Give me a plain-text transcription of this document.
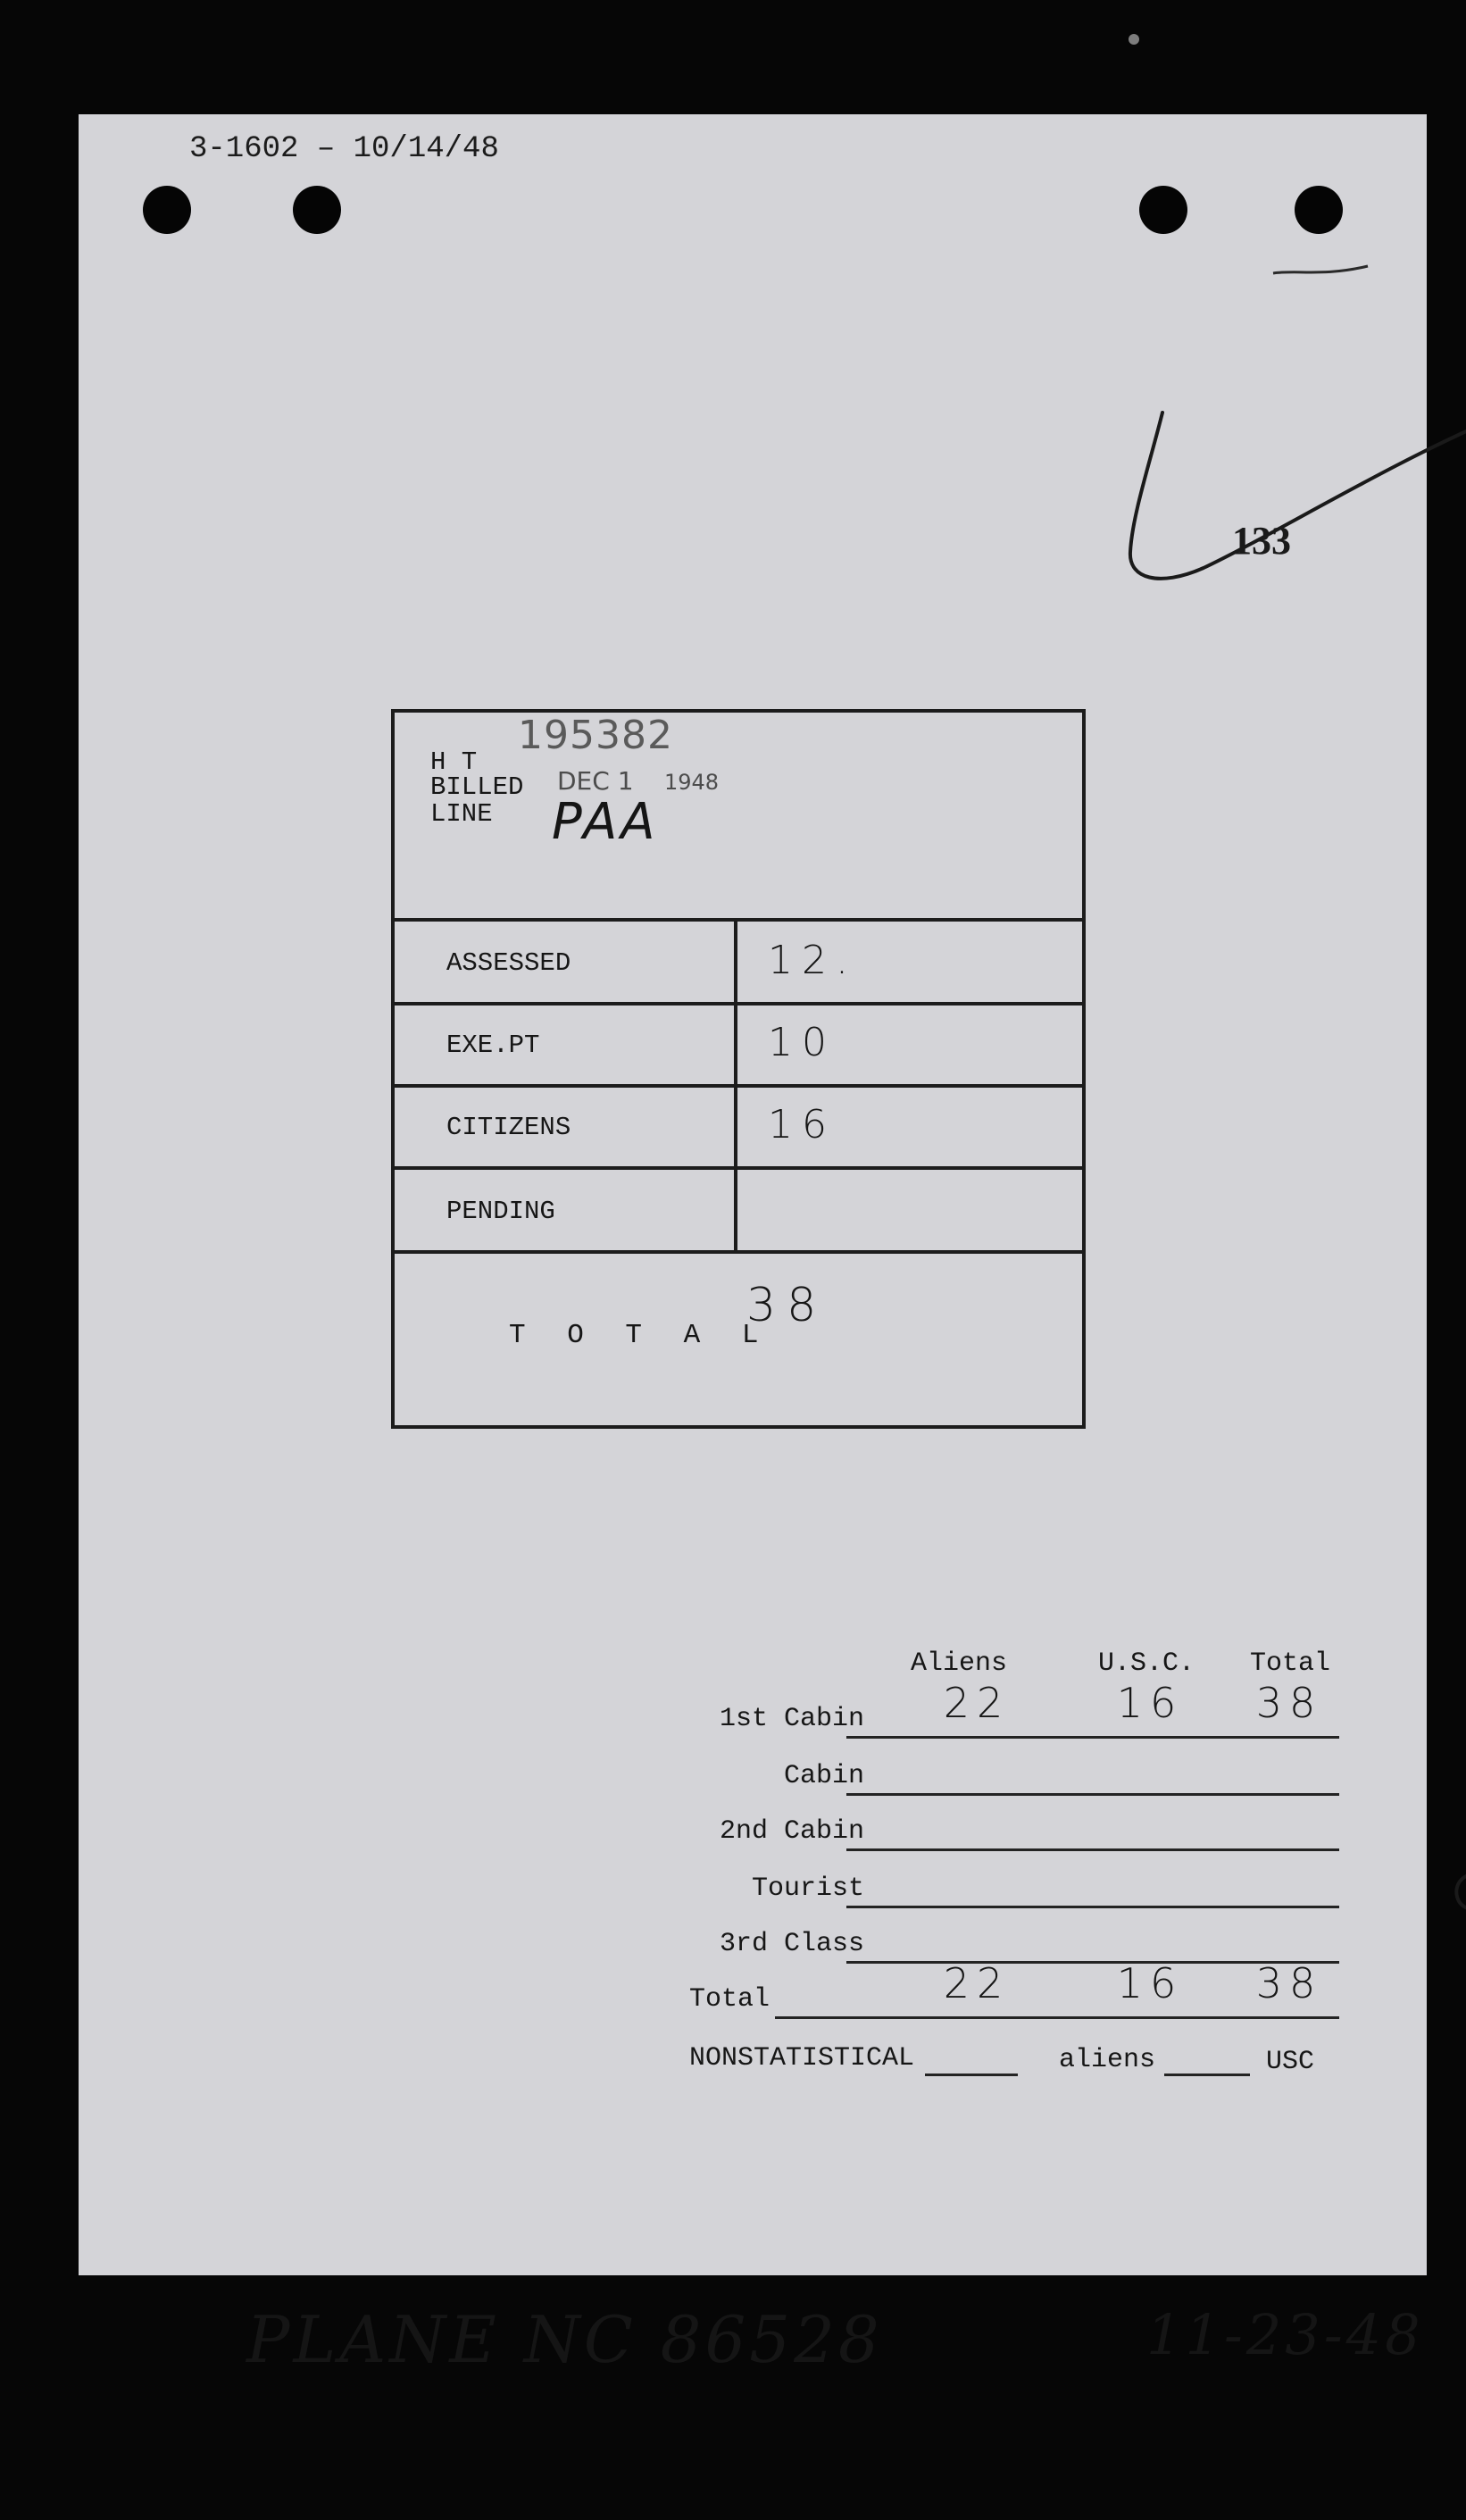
3-1602 – 10/14/48
133
195382
H T
BILLED
LINE
DEC 1 1948
PAA
ASSESSED	12.
EXE.PT	10
CITIZENS	16
PENDING
T O T A L
38
Aliens	U.S.C. Total
1st Cabin	22	16	38
Cabin
2nd Cabin
Tourist
3rd Class
Total	22	16	38
NONSTATISTICAL	aliens	USC
PLANE NC 86528	11-23-48
